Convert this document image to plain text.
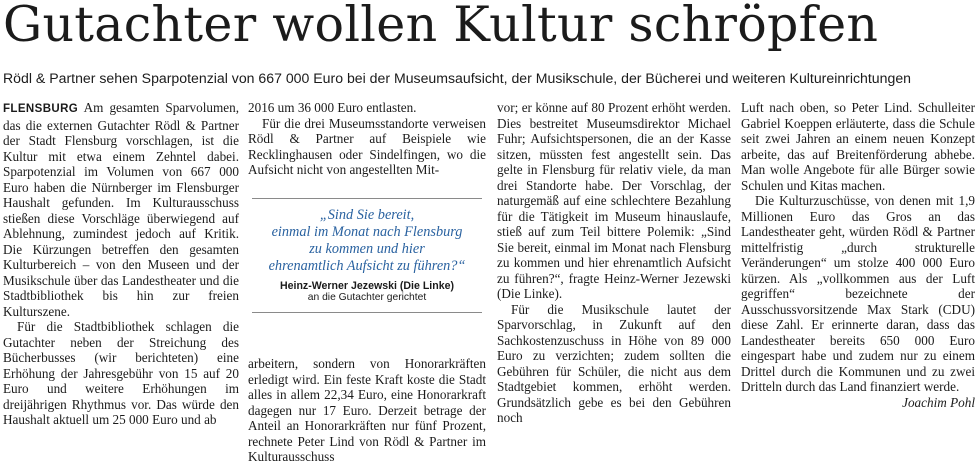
Gutachter wollen Kultur schröpfen
Rödl & Partner sehen Sparpotenzial von 667 000 Euro bei der Museumsaufsicht, der Musikschule, der Bücherei und weiteren Kultureinrichtungen

FLENSBURG Am gesamten Sparvolumen, das die externen Gutachter Rödl & Partner der Stadt Flensburg vorschlagen, ist die Kultur mit etwa einem Zehntel dabei. Sparpotenzial im Volumen von 667 000 Euro haben die Nürnberger im Flensburger Haushalt gefunden. Im Kulturausschuss stießen diese Vorschläge überwiegend auf Ablehnung, zumindest jedoch auf Kritik. Die Kürzungen betreffen den gesamten Kulturbereich – von den Museen und der Musikschule über das Landestheater und die Stadtbibliothek bis hin zur freien Kulturszene.

Für die Stadtbibliothek schlagen die Gutachter neben der Streichung des Bücherbusses (wir berichteten) eine Erhöhung der Jahresgebühr von 15 auf 20 Euro und weitere Erhöhungen im dreijährigen Rhythmus vor. Das würde den Haushalt aktuell um 25 000 Euro und ab

2016 um 36 000 Euro entlasten.

Für die drei Museumsstandorte verweisen Rödl & Partner auf Beispiele wie Recklinghausen oder Sindelfingen, wo die Aufsicht nicht von angestellten Mit-

„Sind Sie bereit,
einmal im Monat nach Flensburg
zu kommen und hier
ehrenamtlich Aufsicht zu führen?“
Heinz-Werner Jezewski (Die Linke)
an die Gutachter gerichtet

arbeitern, sondern von Honorarkräften erledigt wird. Ein feste Kraft koste die Stadt alles in allem 22,34 Euro, eine Honorarkraft dagegen nur 17 Euro. Derzeit betrage der Anteil an Honorarkräften nur fünf Prozent, rechnete Peter Lind von Rödl & Partner im Kulturausschuss

vor; er könne auf 80 Prozent erhöht werden. Dies bestreitet Museumsdirektor Michael Fuhr; Aufsichtspersonen, die an der Kasse sitzen, müssten fest angestellt sein. Das gelte in Flensburg für relativ viele, da man drei Standorte habe. Der Vorschlag, der naturgemäß auf eine schlechtere Bezahlung für die Tätigkeit im Museum hinauslaufe, stieß auf zum Teil bittere Polemik: „Sind Sie bereit, einmal im Monat nach Flensburg zu kommen und hier ehrenamtlich Aufsicht zu führen?“, fragte Heinz-Werner Jezewski (Die Linke).

Für die Musikschule lautet der Sparvorschlag, in Zukunft auf den Sachkostenzuschuss in Höhe von 89 000 Euro zu verzichten; zudem sollten die Gebühren für Schüler, die nicht aus dem Stadtgebiet kommen, erhöht werden. Grundsätzlich gebe es bei den Gebühren noch

Luft nach oben, so Peter Lind. Schulleiter Gabriel Koeppen erläuterte, dass die Schule seit zwei Jahren an einem neuen Konzept arbeite, das auf Breitenförderung abhebe. Man wolle Angebote für alle Bürger sowie Schulen und Kitas machen.

Die Kulturzuschüsse, von denen mit 1,9 Millionen Euro das Gros an das Landestheater geht, würden Rödl & Partner mittelfristig „durch strukturelle Veränderungen“ um stolze 400 000 Euro kürzen. Als „vollkommen aus der Luft gegriffen“ bezeichnete der Ausschussvorsitzende Max Stark (CDU) diese Zahl. Er erinnerte daran, dass das Landestheater bereits 650 000 Euro eingespart habe und zudem nur zu einem Drittel durch die Kommunen und zu zwei Dritteln durch das Land finanziert werde.

Joachim Pohl
